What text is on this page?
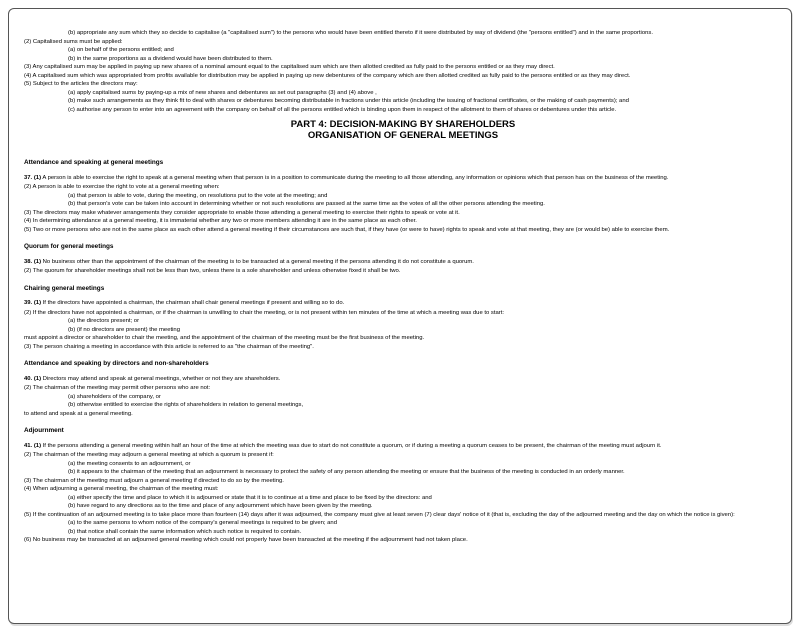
(b) appropriate any sum which they so decide to capitalise (a "capitalised sum") to the persons who would have been entitled thereto if it were distributed by way of dividend (the "persons entitled") and in the same proportions.
(2) Capitalised sums must be applied:
(a) on behalf of the persons entitled; and
(b) in the same proportions as a dividend would have been distributed to them.
(3) Any capitalised sum may be applied in paying up new shares of a nominal amount equal to the capitalised sum which are then allotted credited as fully paid to the persons entitled or as they may direct.
(4) A capitalised sum which was appropriated from profits available for distribution may be applied in paying up new debentures of the company which are then allotted credited as fully paid to the persons entitled or as they may direct.
(5) Subject to the articles the directors may:
(a) apply capitalised sums by paying-up a mix of new shares and debentures as set out paragraphs (3) and (4) above ,
(b) make such arrangements as they think fit to deal with shares or debentures becoming distributable in fractions under this article (including the issuing of fractional certificates, or the making of cash payments); and
(c) authorise any person to enter into an agreement with the company on behalf of all the persons entitled which is binding upon them in respect of the allotment to them of shares or debentures under this article.
PART 4: DECISION-MAKING BY SHAREHOLDERS
ORGANISATION OF GENERAL MEETINGS
Attendance and speaking at general meetings
37. (1) A person is able to exercise the right to speak at a general meeting when that person is in a position to communicate during the meeting to all those attending, any information or opinions which that person has on the business of the meeting.
(2) A person is able to exercise the right to vote at a general meeting when:
(a) that person is able to vote, during the meeting, on resolutions put to the vote at the meeting; and
(b) that person's vote can be taken into account in determining whether or not such resolutions are passed at the same time as the votes of all the other persons attending the meeting.
(3) The directors may make whatever arrangements they consider appropriate to enable those attending a general meeting to exercise their rights to speak or vote at it.
(4) In determining attendance at a general meeting, it is immaterial whether any two or more members attending it are in the same place as each other.
(5) Two or more persons who are not in the same place as each other attend a general meeting if their circumstances are such that, if they have (or were to have) rights to speak and vote at that meeting, they are (or would be) able to exercise them.
Quorum for general meetings
38. (1) No business other than the appointment of the chairman of the meeting is to be transacted at a general meeting if the persons attending it do not constitute a quorum.
(2) The quorum for shareholder meetings shall not be less than two, unless there is a sole shareholder and unless otherwise fixed it shall be two.
Chairing general meetings
39. (1) If the directors have appointed a chairman, the chairman shall chair general meetings if present and willing so to do.
(2) If the directors have not appointed a chairman, or if the chairman is unwilling to chair the meeting, or is not present within ten minutes of the time at which a meeting was due to start:
(a) the directors present; or
(b) (if no directors are present) the meeting
must appoint a director or shareholder to chair the meeting, and the appointment of the chairman of the meeting must be the first business of the meeting.
(3) The person chairing a meeting in accordance with this article is referred to as "the chairman of the meeting".
Attendance and speaking by directors and non-shareholders
40. (1) Directors may attend and speak at general meetings, whether or not they are shareholders.
(2) The chairman of the meeting may permit other persons who are not:
(a) shareholders of the company, or
(b) otherwise entitled to exercise the rights of shareholders in relation to general meetings,
to attend and speak at a general meeting.
Adjournment
41. (1) If the persons attending a general meeting within half an hour of the time at which the meeting was due to start do not constitute a quorum, or if during a meeting a quorum ceases to be present, the chairman of the meeting must adjourn it.
(2) The chairman of the meeting may adjourn a general meeting at which a quorum is present if:
(a) the meeting consents to an adjournment, or
(b) it appears to the chairman of the meeting that an adjournment is necessary to protect the safety of any person attending the meeting or ensure that the business of the meeting is conducted in an orderly manner.
(3) The chairman of the meeting must adjourn a general meeting if directed to do so by the meeting.
(4) When adjourning a general meeting, the chairman of the meeting must:
(a) either specify the time and place to which it is adjourned or state that it is to continue at a time and place to be fixed by the directors: and
(b) have regard to any directions as to the time and place of any adjournment which have been given by the meeting.
(5) If the continuation of an adjourned meeting is to take place more than fourteen (14) days after it was adjourned, the company must give at least seven (7) clear days' notice of it (that is, excluding the day of the adjourned meeting and the day on which the notice is given):
(a) to the same persons to whom notice of the company's general meetings is required to be given; and
(b) that notice shall contain the same information which such notice is required to contain.
(6) No business may be transacted at an adjourned general meeting which could not properly have been transacted at the meeting if the adjournment had not taken place.
